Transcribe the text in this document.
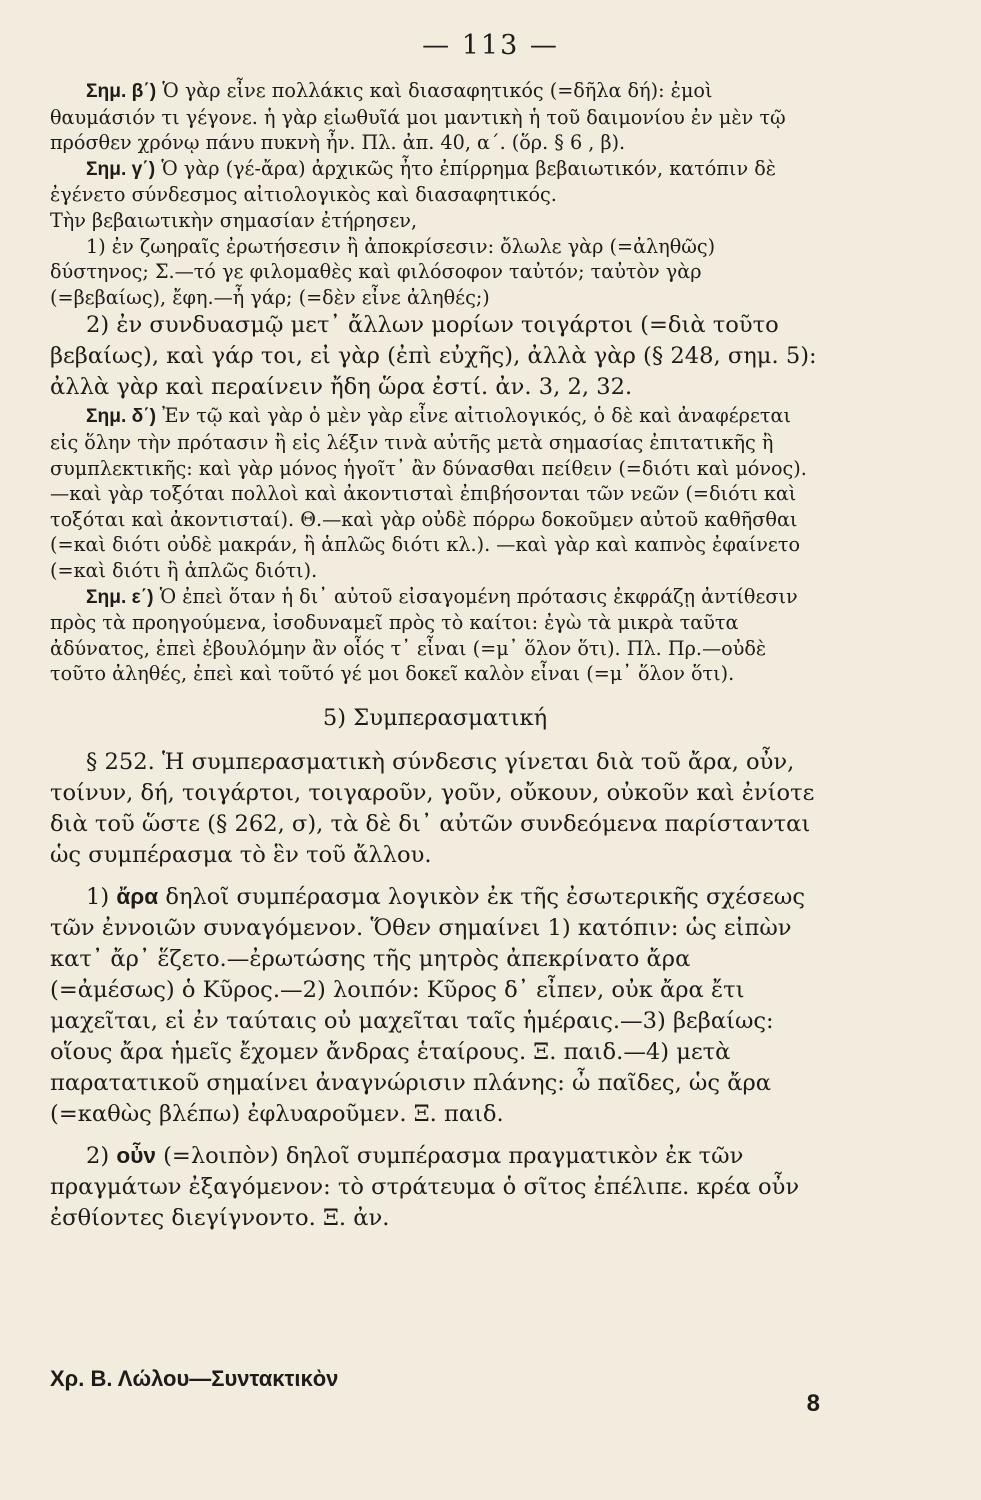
— 113 —

Σημ. β΄) Ὁ γὰρ εἶνε πολλάκις καὶ διασαφητικός (=δῆλα δή): ἐμοὶ θαυμάσιόν τι γέγονε. ἡ γὰρ εἰωθυῖά μοι μαντικὴ ἡ τοῦ δαιμονίου ἐν μὲν τῷ πρόσθεν χρόνῳ πάνυ πυκνὴ ἦν. Πλ. ἀπ. 40, α΄. (ὅρ. § 6 , β).

Σημ. γ΄) Ὁ γὰρ (γέ-ἄρα) ἀρχικῶς ἦτο ἐπίρρημα βεβαιωτικόν, κατόπιν δὲ ἐγένετο σύνδεσμος αἰτιολογικὸς καὶ διασαφητικός.

Τὴν βεβαιωτικὴν σημασίαν ἐτήρησεν,

1) ἐν ζωηραῖς ἐρωτήσεσιν ἢ ἀποκρίσεσιν: ὄλωλε γὰρ (=ἀληθῶς) δύστηνος; Σ.—τό γε φιλομαθὲς καὶ φιλόσοφον ταὐτόν; ταὐτὸν γὰρ (=βεβαίως), ἔφη.—ἦ γάρ; (=δὲν εἶνε ἀληθές;)

2) ἐν συνδυασμῷ μετ᾽ ἄλλων μορίων τοιγάρτοι (=διὰ τοῦτο βεβαίως), καὶ γάρ τοι, εἰ γὰρ (ἐπὶ εὐχῆς), ἀλλὰ γὰρ (§ 248, σημ. 5): ἀλλὰ γὰρ καὶ περαίνειν ἤδη ὥρα ἐστί. ἀν. 3, 2, 32.

Σημ. δ΄) Ἐν τῷ καὶ γὰρ ὁ μὲν γὰρ εἶνε αἰτιολογικός, ὁ δὲ καὶ ἀναφέρεται εἰς ὅλην τὴν πρότασιν ἢ εἰς λέξιν τινὰ αὐτῆς μετὰ σημασίας ἐπιτατικῆς ἢ συμπλεκτικῆς: καὶ γὰρ μόνος ἡγοῖτ᾽ ἂν δύνασθαι πείθειν (=διότι καὶ μόνος).—καὶ γὰρ τοξόται πολλοὶ καὶ ἀκοντισταὶ ἐπιβήσονται τῶν νεῶν (=διότι καὶ τοξόται καὶ ἀκοντισταί). Θ.—καὶ γὰρ οὐδὲ πόρρω δοκοῦμεν αὐτοῦ καθῆσθαι (=καὶ διότι οὐδὲ μακράν, ἢ ἁπλῶς διότι κλ.). —καὶ γὰρ καὶ καπνὸς ἐφαίνετο (=καὶ διότι ἢ ἁπλῶς διότι).

Σημ. ε΄) Ὁ ἐπεὶ ὅταν ἡ δι᾽ αὐτοῦ εἰσαγομένη πρότασις ἐκφράζῃ ἀντίθεσιν πρὸς τὰ προηγούμενα, ἰσοδυναμεῖ πρὸς τὸ καίτοι: ἐγὼ τὰ μικρὰ ταῦτα ἀδύνατος, ἐπεὶ ἐβουλόμην ἂν οἷός τ᾽ εἶναι (=μ᾽ ὅλον ὅτι). Πλ. Πρ.—οὐδὲ τοῦτο ἀληθές, ἐπεὶ καὶ τοῦτό γέ μοι δοκεῖ καλὸν εἶναι (=μ᾽ ὅλον ὅτι).

5) Συμπερασματική

§ 252. Ἡ συμπερασματικὴ σύνδεσις γίνεται διὰ τοῦ ἄρα, οὖν, τοίνυν, δή, τοιγάρτοι, τοιγαροῦν, γοῦν, οὔκουν, οὐκοῦν καὶ ἐνίοτε διὰ τοῦ ὥστε (§ 262, σ), τὰ δὲ δι᾽ αὐτῶν συνδεόμενα παρίστανται ὡς συμπέρασμα τὸ ἓν τοῦ ἄλλου.

1) ἄρα δηλοῖ συμπέρασμα λογικὸν ἐκ τῆς ἐσωτερικῆς σχέσεως τῶν ἐννοιῶν συναγόμενον. Ὅθεν σημαίνει 1) κατόπιν: ὡς εἰπὼν κατ᾽ ἄρ᾽ ἕζετο.—ἐρωτώσης τῆς μητρὸς ἀπεκρίνατο ἄρα (=ἀμέσως) ὁ Κῦρος.—2) λοιπόν: Κῦρος δ᾽ εἶπεν, οὐκ ἄρα ἔτι μαχεῖται, εἰ ἐν ταύταις οὐ μαχεῖται ταῖς ἡμέραις.—3) βεβαίως: οἵους ἄρα ἡμεῖς ἔχομεν ἄνδρας ἑταίρους. Ξ. παιδ.—4) μετὰ παρατατικοῦ σημαίνει ἀναγνώρισιν πλάνης: ὦ παῖδες, ὡς ἄρα (=καθὼς βλέπω) ἐφλυαροῦμεν. Ξ. παιδ.

2) οὖν (=λοιπὸν) δηλοῖ συμπέρασμα πραγματικὸν ἐκ τῶν πραγμάτων ἐξαγόμενον: τὸ στράτευμα ὁ σῖτος ἐπέλιπε. κρέα οὖν ἐσθίοντες διεγίγνοντο. Ξ. ἀν.

Χρ. Β. Λώλου—Συντακτικὸν
8
